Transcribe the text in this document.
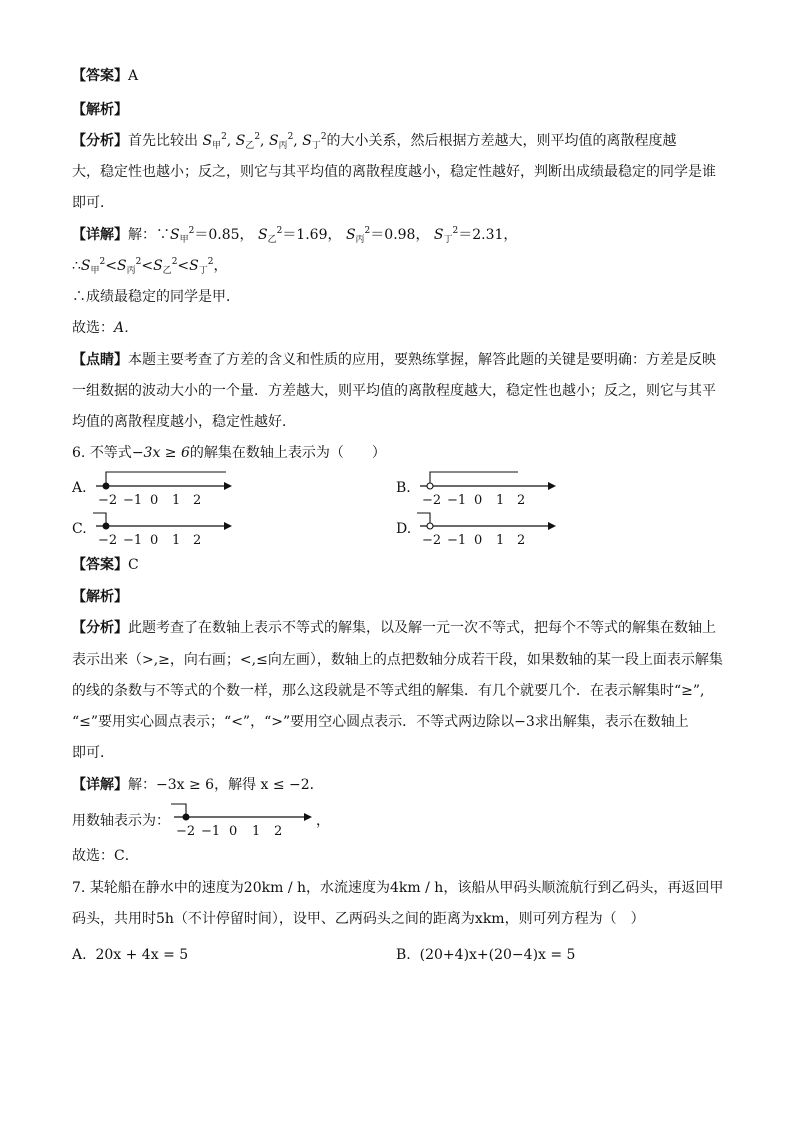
【答案】A
【解析】
【分析】首先比较出 $S_甲^2$, $S_乙^2$, $S_丙^2$, $S_丁^2$的大小关系，然后根据方差越大，则平均值的离散程度越
大，稳定性也越小；反之，则它与其平均值的离散程度越小，稳定性越好，判断出成绩最稳定的同学是谁
即可．
【详解】解：$\because S_甲^2=0.85$， $S_乙^2=1.69$， $S_丙^2=0.98$， $S_丁^2=2.31$，
$\therefore S_甲^2<S_丙^2<S_乙^2<S_丁^2$，
∴成绩最稳定的同学是甲．
故选：A．
【点睛】本题主要考查了方差的含义和性质的应用，要熟练掌握，解答此题的关键是要明确：方差是反映
一组数据的波动大小的一个量．方差越大，则平均值的离散程度越大，稳定性也越小；反之，则它与其平
均值的离散程度越小，稳定性越好．
6. 不等式−3x ≥ 6的解集在数轴上表示为（　　）
A.
−2 −1 0 1 2
B.
−2 −1 0 1 2
C.
−2 −1 0 1 2
D.
−2 −1 0 1 2
【答案】C
【解析】
【分析】此题考查了在数轴上表示不等式的解集，以及解一元一次不等式，把每个不等式的解集在数轴上
表示出来（>,≥，向右画；<,≤向左画），数轴上的点把数轴分成若干段，如果数轴的某一段上面表示解集
的线的条数与不等式的个数一样，那么这段就是不等式组的解集．有几个就要几个．在表示解集时“≥”,
“≤”要用实心圆点表示；“<”，“>”要用空心圆点表示．不等式两边除以−3求出解集，表示在数轴上
即可．
【详解】解：−3x ≥ 6，解得 x ≤ −2．
用数轴表示为：
−2 −1 0 1 2
，
故选：C．
7. 某轮船在静水中的速度为20km / h，水流速度为4km / h，该船从甲码头顺流航行到乙码头，再返回甲
码头，共用时5h（不计停留时间），设甲、乙两码头之间的距离为xkm，则可列方程为（　）
A. 20x + 4x = 5	B. (20+4)x+(20−4)x = 5
